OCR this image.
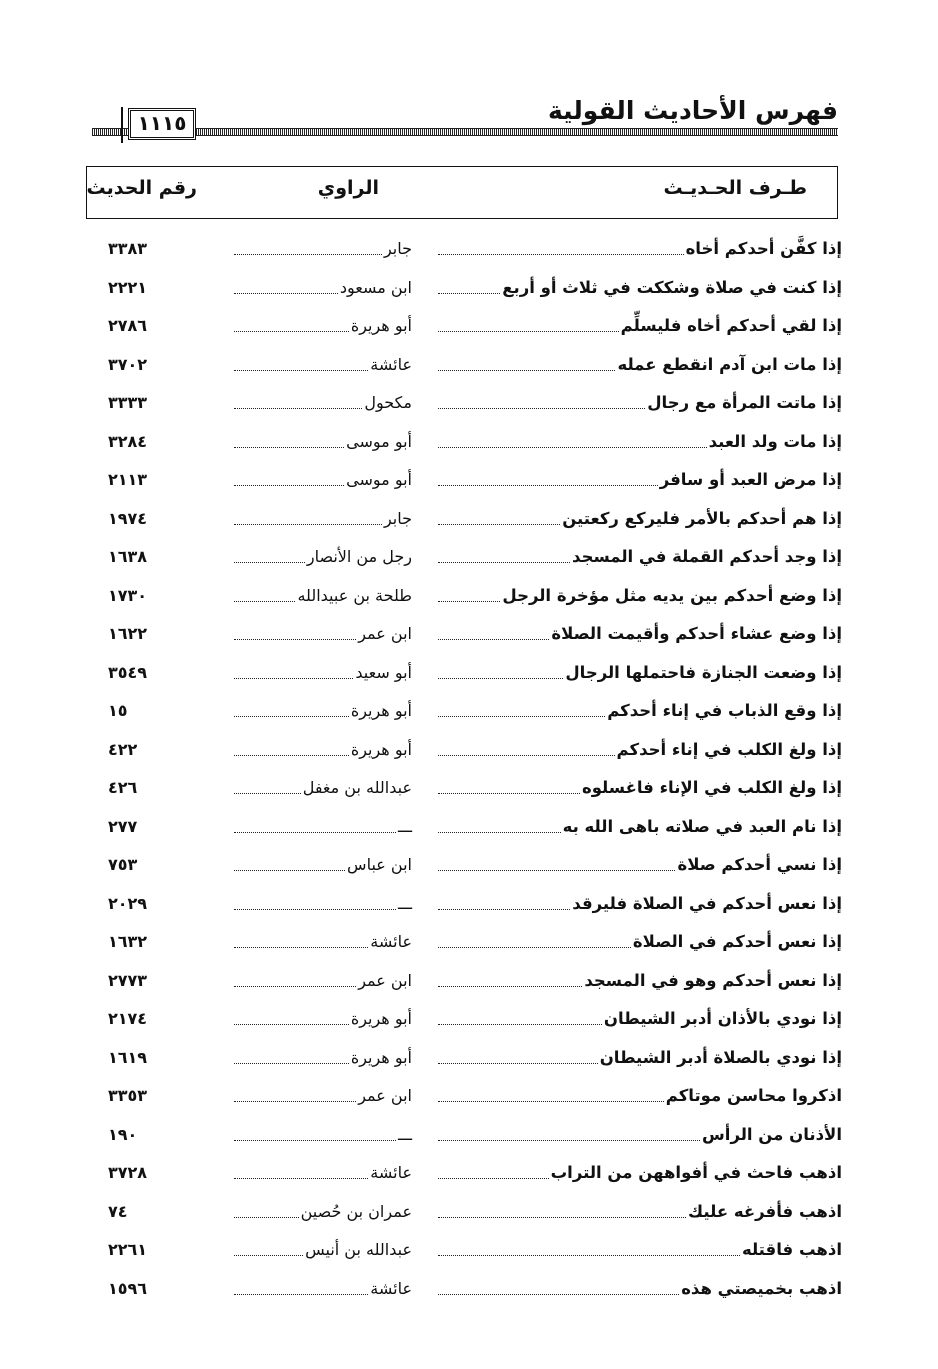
فهرس الأحاديث القولية
١١١٥
طـرف الحـديـث
الراوي
رقم الحديث
إذا كفَّن أحدكم أخاه
جابر
٣٣٨٣
إذا كنت في صلاة وشككت في ثلاث أو أربع
ابن مسعود
٢٢٢١
إذا لقي أحدكم أخاه فليسلِّم
أبو هريرة
٢٧٨٦
إذا مات ابن آدم انقطع عمله
عائشة
٣٧٠٢
إذا ماتت المرأة مع رجال
مكحول
٣٣٣٣
إذا مات ولد العبد
أبو موسى
٣٢٨٤
إذا مرض العبد أو سافر
أبو موسى
٢١١٣
إذا هم أحدكم بالأمر فليركع ركعتين
جابر
١٩٧٤
إذا وجد أحدكم القملة في المسجد
رجل من الأنصار
١٦٣٨
إذا وضع أحدكم بين يديه مثل مؤخرة الرجل
طلحة بن عبيدالله
١٧٣٠
إذا وضع عشاء أحدكم وأقيمت الصلاة
ابن عمر
١٦٢٢
إذا وضعت الجنازة فاحتملها الرجال
أبو سعيد
٣٥٤٩
إذا وقع الذباب في إناء أحدكم
أبو هريرة
١٥
إذا ولغ الكلب في إناء أحدكم
أبو هريرة
٤٢٢
إذا ولغ الكلب في الإناء فاغسلوه
عبدالله بن مغفل
٤٢٦
إذا نام العبد في صلاته باهى الله به
ـــ
٢٧٧
إذا نسي أحدكم صلاة
ابن عباس
٧٥٣
إذا نعس أحدكم في الصلاة فليرقد
ـــ
٢٠٢٩
إذا نعس أحدكم في الصلاة
عائشة
١٦٣٢
إذا نعس أحدكم وهو في المسجد
ابن عمر
٢٧٧٣
إذا نودي بالأذان أدبر الشيطان
أبو هريرة
٢١٧٤
إذا نودي بالصلاة أدبر الشيطان
أبو هريرة
١٦١٩
اذكروا محاسن موتاكم
ابن عمر
٣٣٥٣
الأذنان من الرأس
ـــ
١٩٠
اذهب فاحث في أفواههن من التراب
عائشة
٣٧٢٨
اذهب فأفرغه عليك
عمران بن حُصين
٧٤
اذهب فاقتله
عبدالله بن أنيس
٢٢٦١
اذهب بخميصتي هذه
عائشة
١٥٩٦
